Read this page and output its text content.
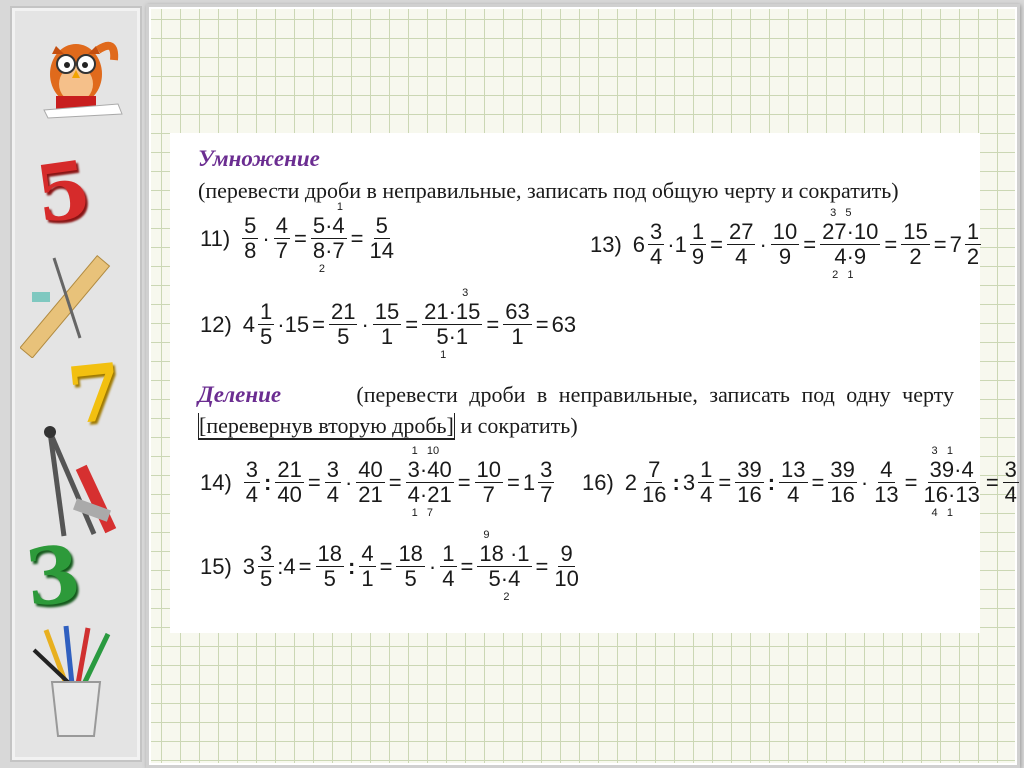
5
7
3
Умножение
(перевести дроби в неправильные, записать под общую черту и сократить)
$11) \frac{5}{8} \cdot \frac{4}{7}$ =
1
5·4
8·7
2
= $\frac{5}{14}$	13) $6 \frac{3}{4} \cdot 1 \frac{1}{9} = \frac{27}{4} \cdot \frac{10}{9}$ =
3   5
27·10
4·9
2   1
= $\frac{15}{2} = 7 \frac{1}{2}$
12) $4 \frac{1}{5} \cdot 15 = \frac{21}{5} \cdot \frac{15}{1}$ =
3
21·15
5·1
1
= $\frac{63}{1} = 63$
Деление	(перевести дроби в неправильные, записать под одну черту
[перевернув вторую дробь] и сократить)
$14) \frac{3}{4}$ : $\frac{21}{40} = \frac{3}{4} \cdot \frac{40}{21}$ =
1   10
3·40
4·21
1   7
= $\frac{10}{7} = 1 \frac{3}{7} 16$) $2 \frac{7}{16}$ : $3 \frac{1}{4} = \frac{39}{16}$ : $\frac{13}{4} = \frac{39}{16} \cdot \frac{4}{13}$ =
3   1
39·4
16·13
4   1
= $\frac{3}{4}$
15) $3 \frac{3}{5}$ :4 = $\frac{18}{5}$ : $\frac{4}{1} = \frac{18}{5} \cdot \frac{1}{4}$ =
9
18 ·1
5·4
2
= $\frac{9}{10}$
